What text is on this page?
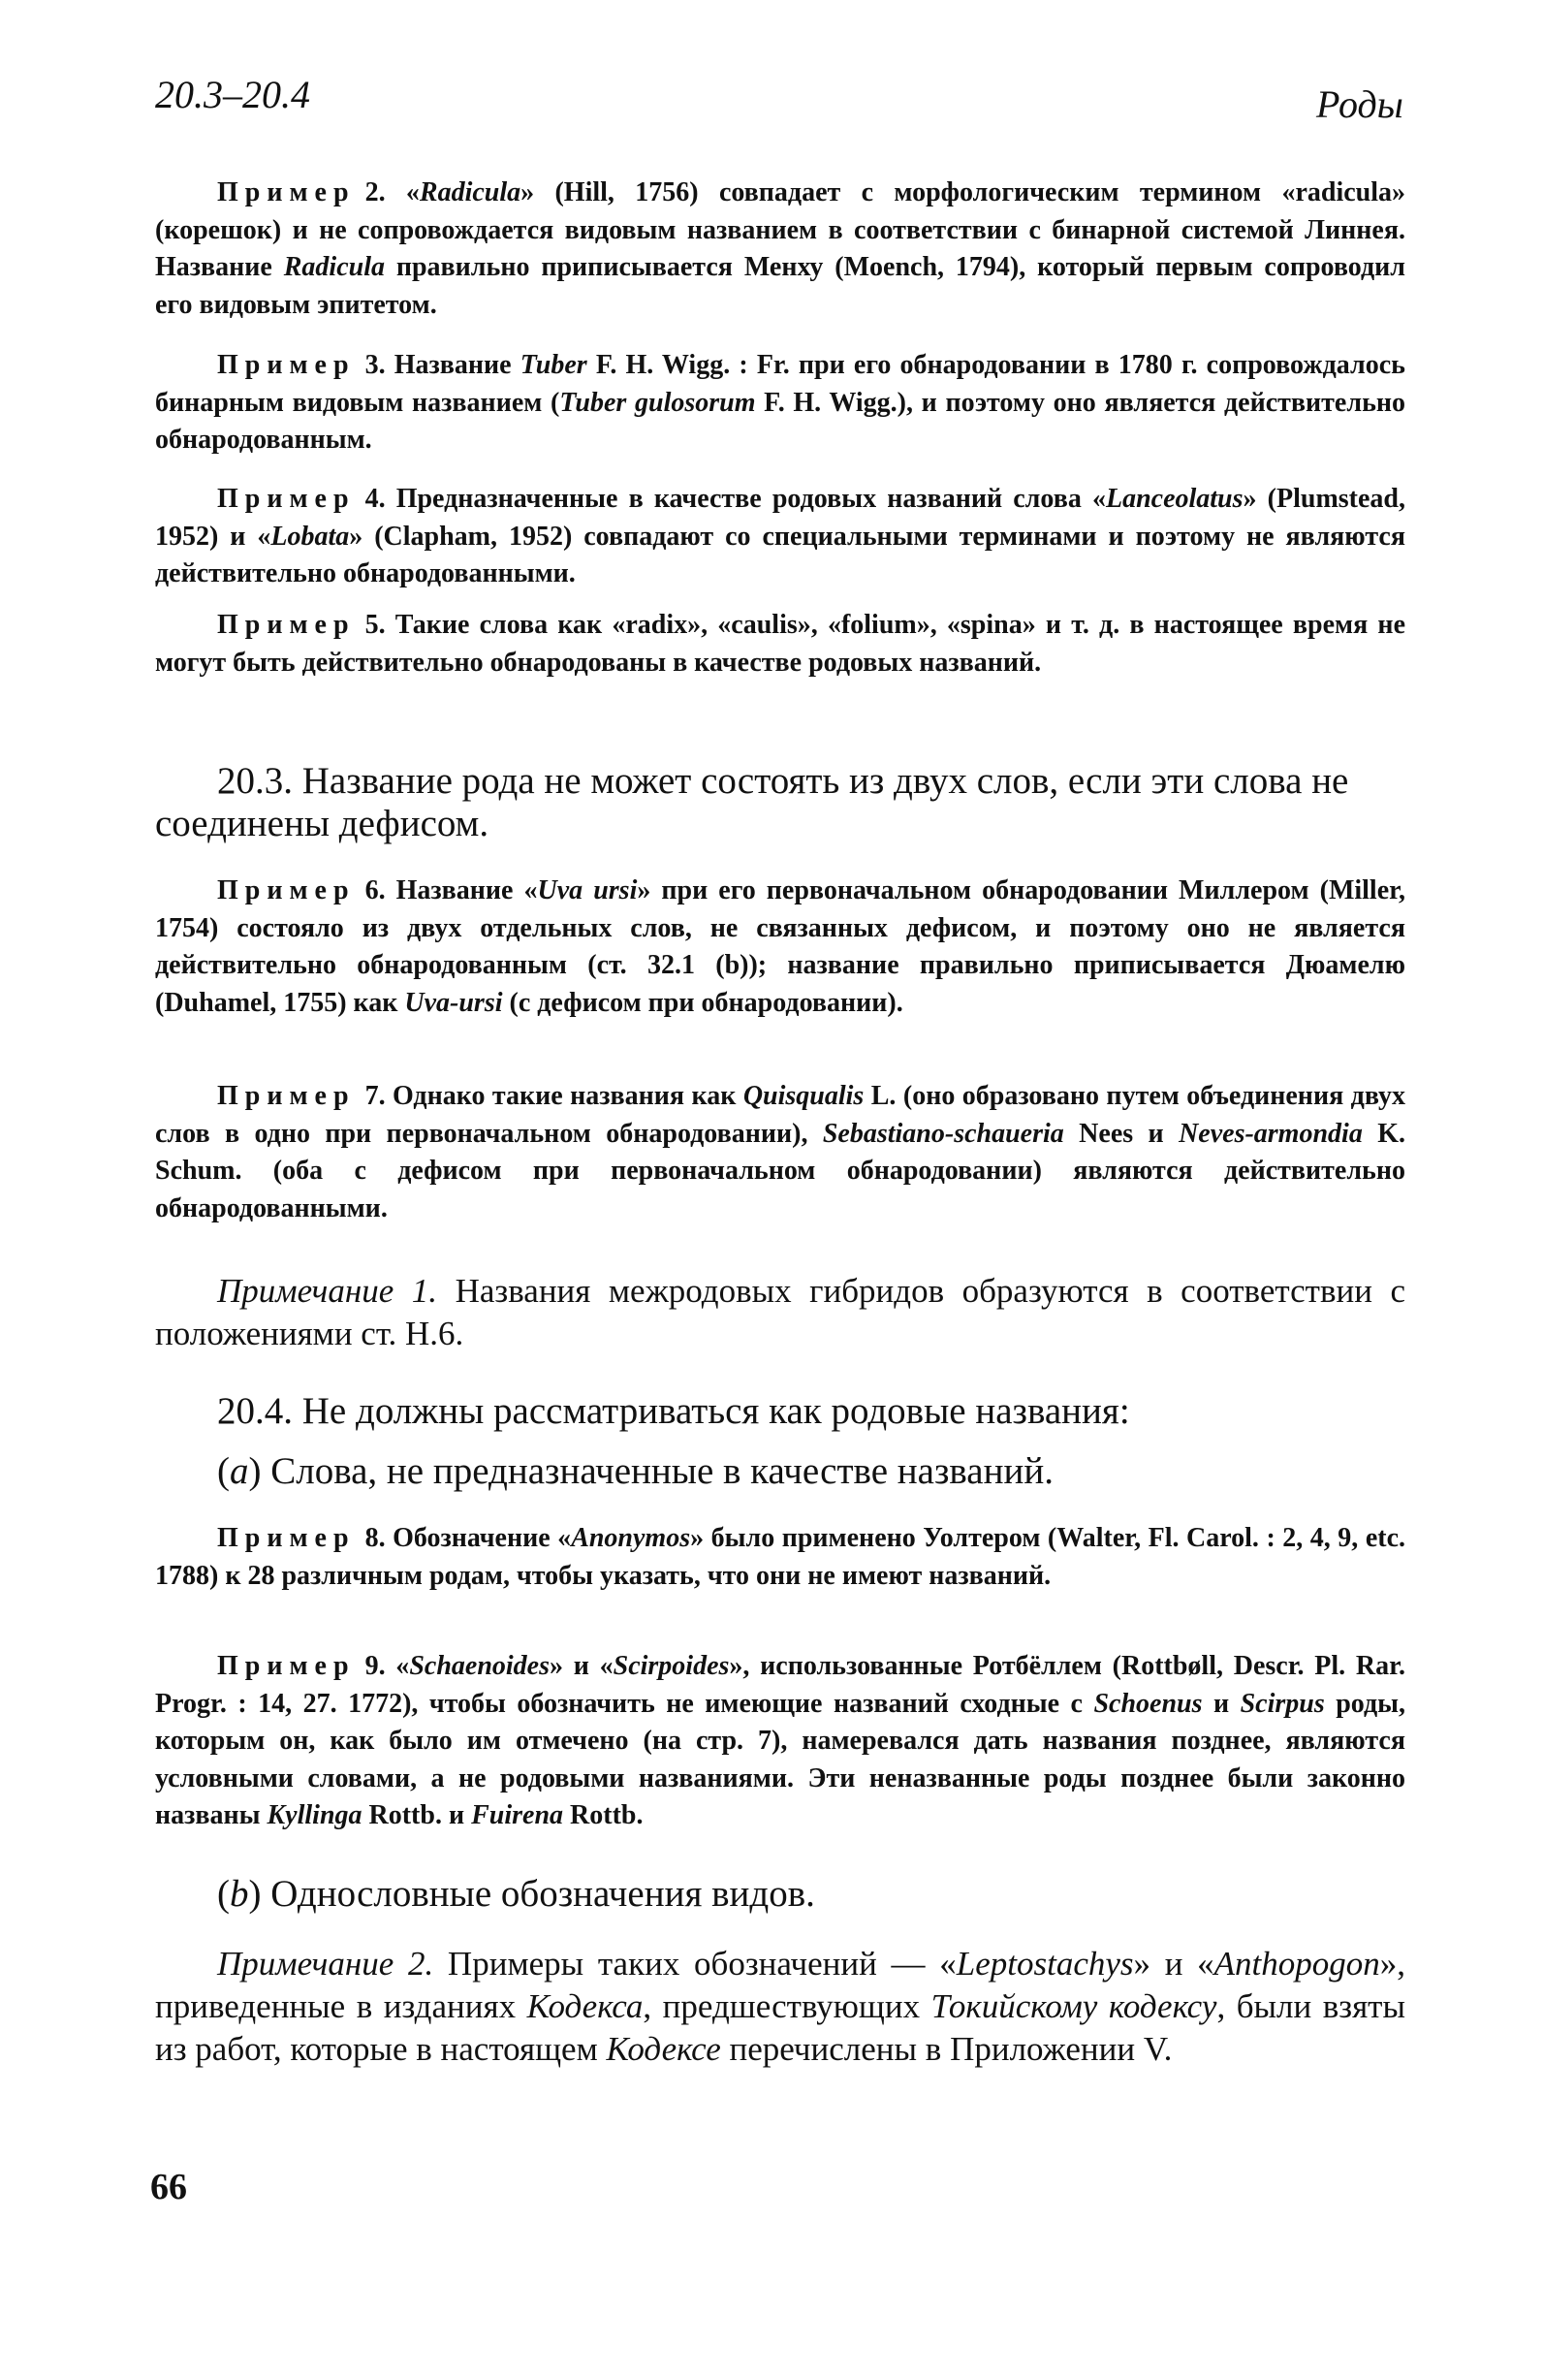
20.3–20.4	Роды

Пример 2. «Radicula» (Hill, 1756) совпадает с морфологическим термином «radicula» (корешок) и не сопровождается видовым названием в соответствии с бинарной системой Линнея. Название Radicula правильно приписывается Менху (Moench, 1794), который первым сопроводил его видовым эпитетом.

Пример 3. Название Tuber F. H. Wigg. : Fr. при его обнародовании в 1780 г. сопровождалось бинарным видовым названием (Tuber gulosorum F. H. Wigg.), и поэтому оно является действительно обнародованным.

Пример 4. Предназначенные в качестве родовых названий слова «Lanceolatus» (Plumstead, 1952) и «Lobata» (Clapham, 1952) совпадают со специальными терминами и поэтому не являются действительно обнародованными.

Пример 5. Такие слова как «radix», «caulis», «folium», «spina» и т. д. в настоящее время не могут быть действительно обнародованы в качестве родовых названий.

20.3. Название рода не может состоять из двух слов, если эти слова не соединены дефисом.

Пример 6. Название «Uva ursi» при его первоначальном обнародовании Миллером (Miller, 1754) состояло из двух отдельных слов, не связанных дефисом, и поэтому оно не является действительно обнародованным (ст. 32.1 (b)); название правильно приписывается Дюамелю (Duhamel, 1755) как Uva-ursi (с дефисом при обнародовании).

Пример 7. Однако такие названия как Quisqualis L. (оно образовано путем объединения двух слов в одно при первоначальном обнародовании), Sebastiano-schaueria Nees и Neves-armondia K. Schum. (оба с дефисом при первоначальном обнародовании) являются действительно обнародованными.

Примечание 1. Названия межродовых гибридов образуются в соответствии с положениями ст. H.6.

20.4. Не должны рассматриваться как родовые названия:

(a) Слова, не предназначенные в качестве названий.

Пример 8. Обозначение «Anonymos» было применено Уолтером (Walter, Fl. Carol. : 2, 4, 9, etc. 1788) к 28 различным родам, чтобы указать, что они не имеют названий.

Пример 9. «Schaenoides» и «Scirpoides», использованные Ротбёллем (Rottbøll, Descr. Pl. Rar. Progr. : 14, 27. 1772), чтобы обозначить не имеющие названий сходные с Schoenus и Scirpus роды, которым он, как было им отмечено (на стр. 7), намеревался дать названия позднее, являются условными словами, а не родовыми названиями. Эти неназванные роды позднее были законно названы Kyllinga Rottb. и Fuirena Rottb.

(b) Однословные обозначения видов.

Примечание 2. Примеры таких обозначений — «Leptostachys» и «Anthopogon», приведенные в изданиях Кодекса, предшествующих Токийскому кодексу, были взяты из работ, которые в настоящем Кодексе перечислены в Приложении V.

66
